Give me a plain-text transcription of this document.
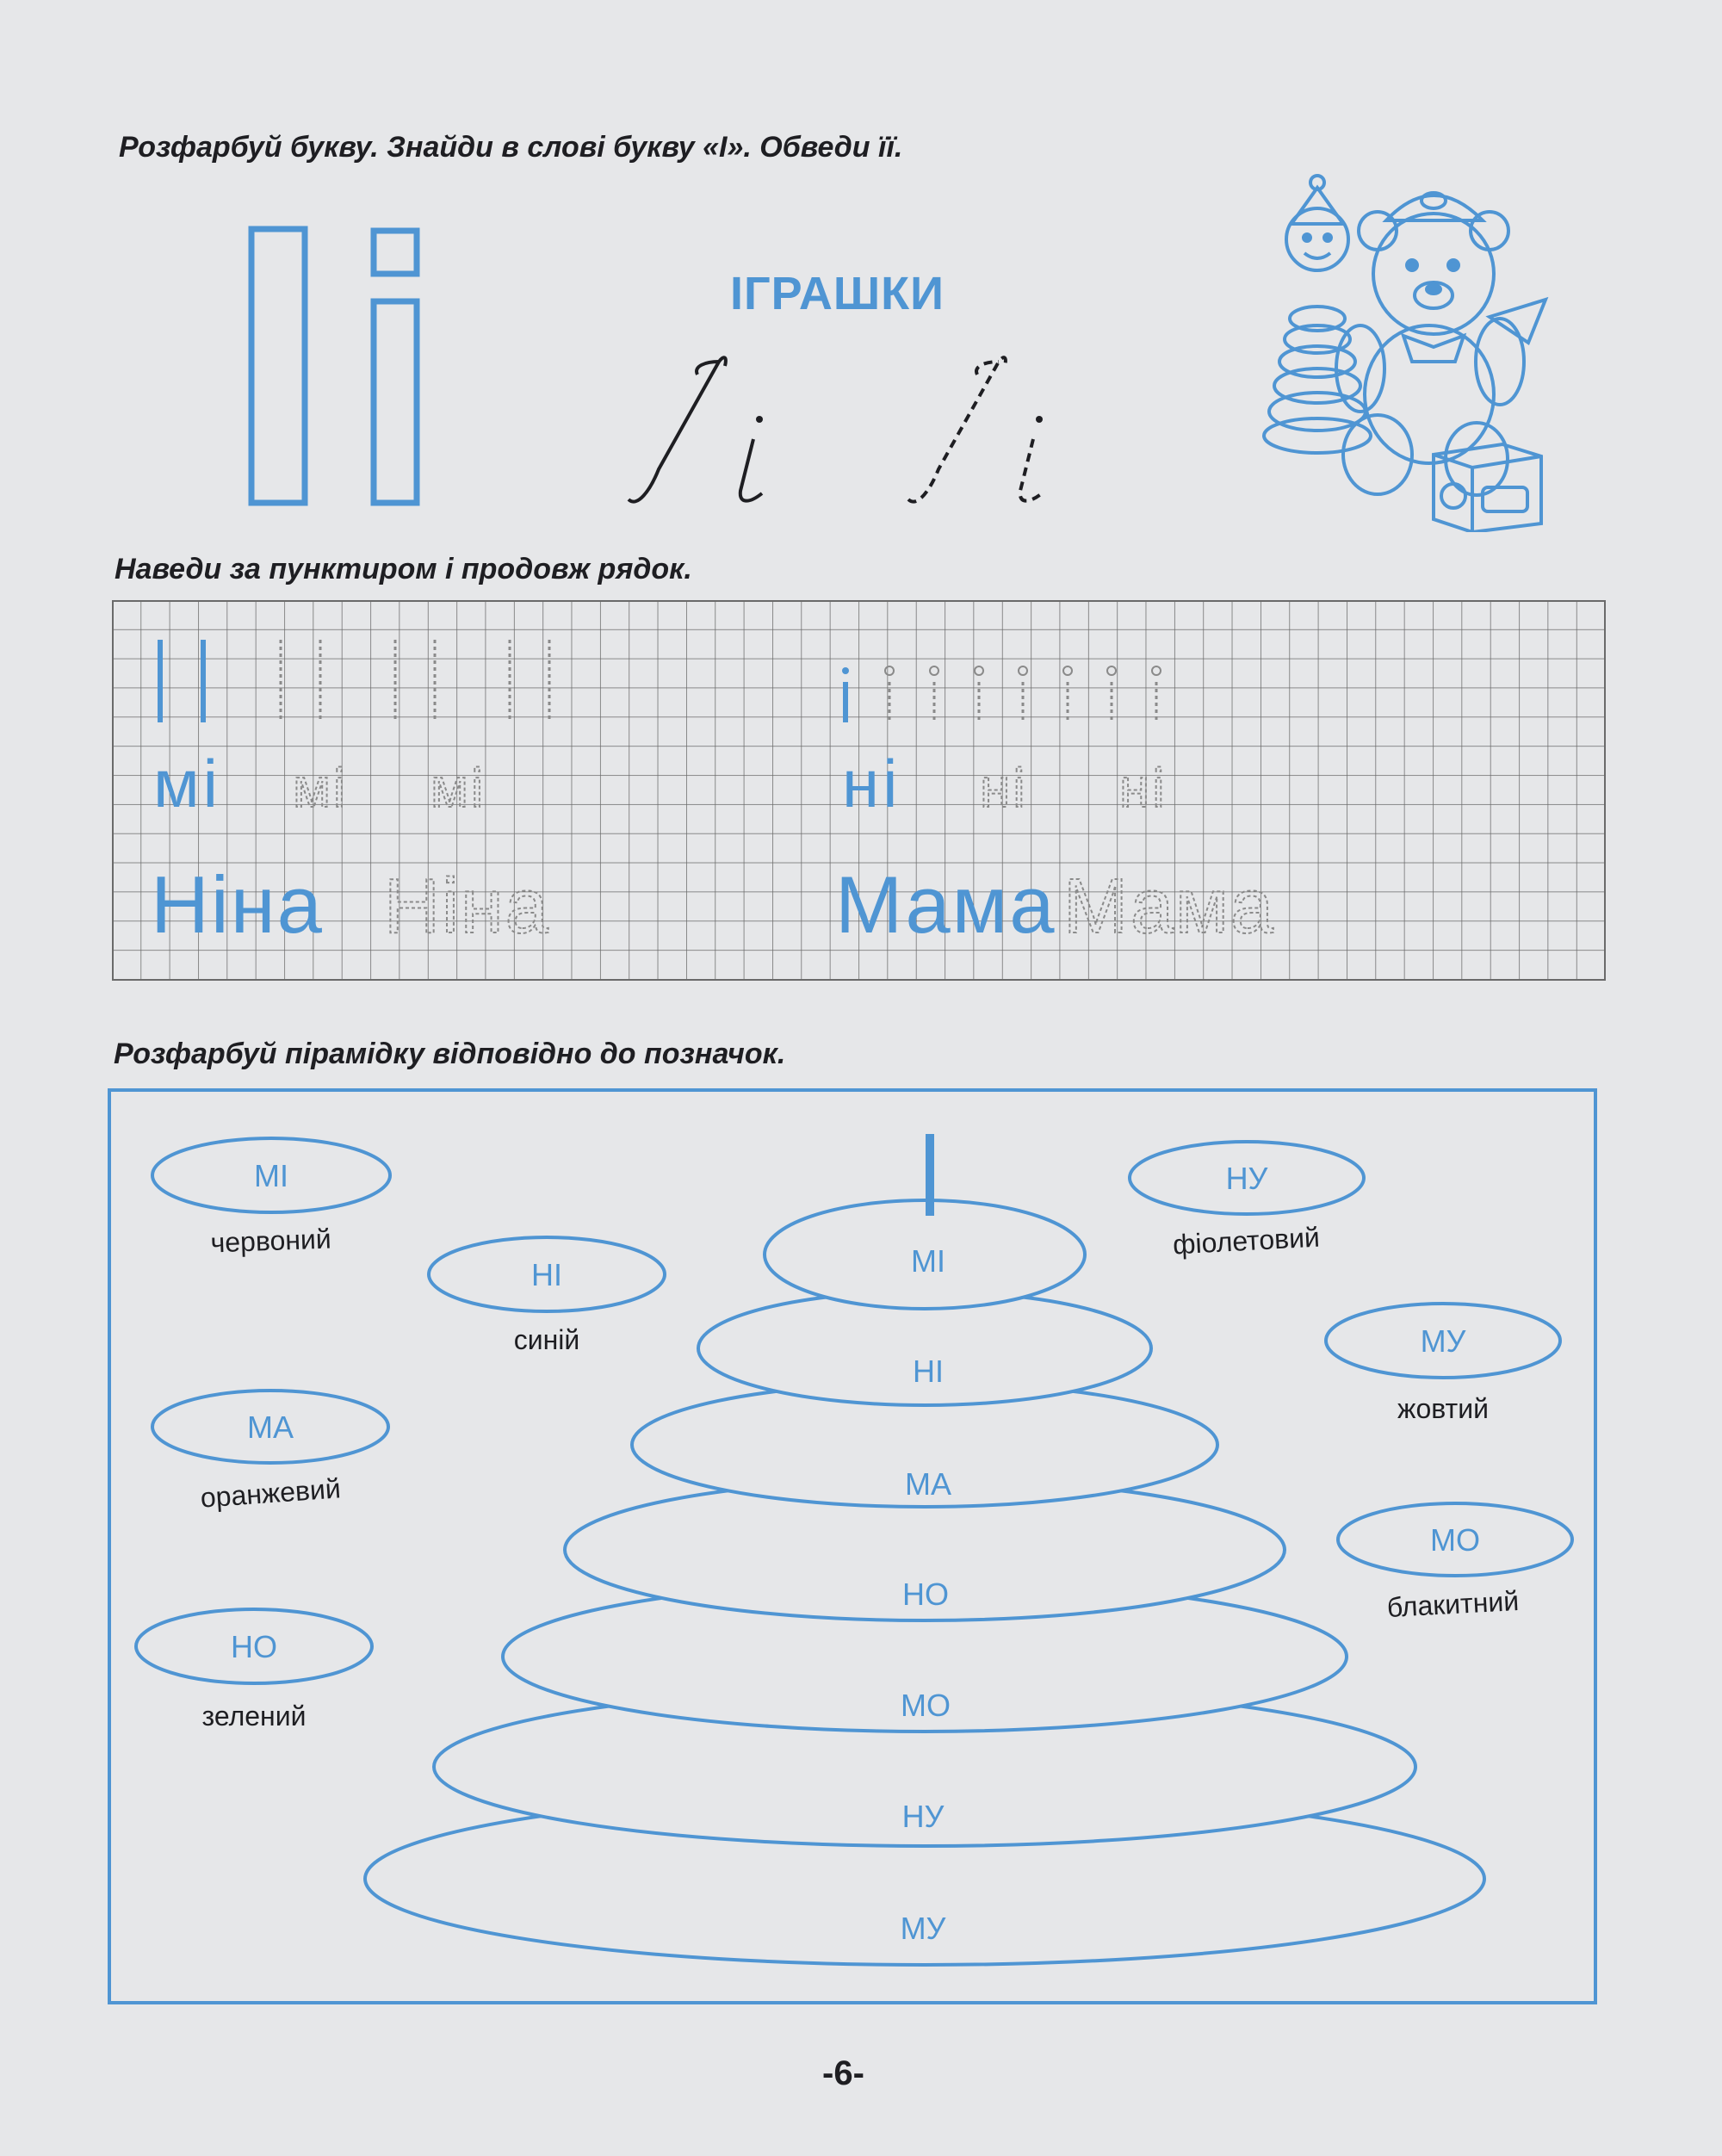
Розфарбуй букву. Знайди в слові букву «І». Обведи її.
ІГРАШКИ
Наведи за пунктиром і продовж рядок.
мі мі мі	ні ні ні
Ніна Ніна	Мама Мама
Розфарбуй пірамідку відповідно до позначок.
МІ
НІ
МА
НО
МО
НУ
МУ
МІ
НІ
МА
НО
НУ
МУ
МО
червоний
синій
оранжевий
зелений
фіолетовий
жовтий
блакитний
-6-
